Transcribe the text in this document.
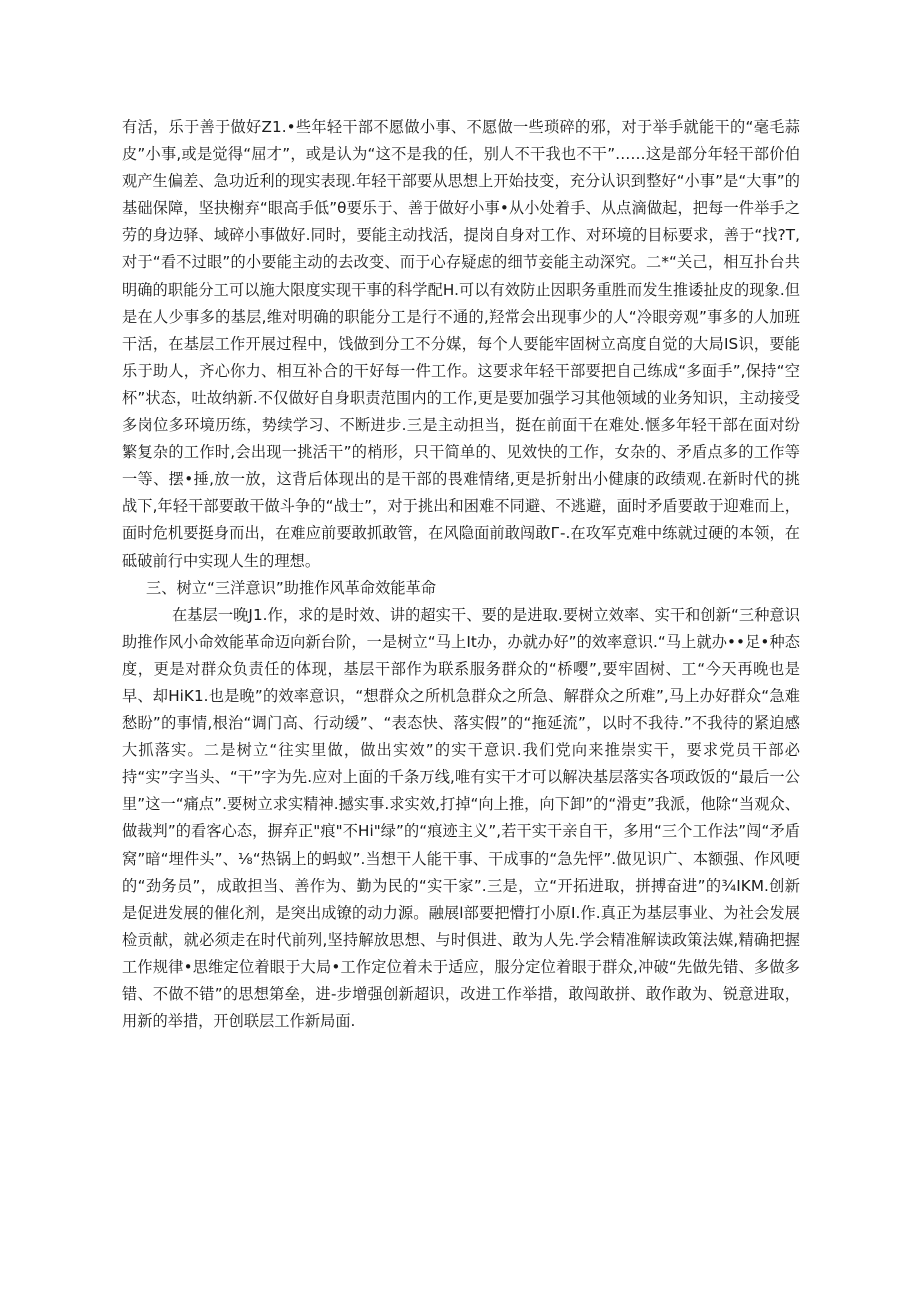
有活，乐于善于做好Z1.•些年轻干部不愿做小事、不愿做一些琐碎的邪，对于举手就能干的“毫毛蒜皮”小事,或是觉得“屈才”，或是认为“这不是我的任，别人不干我也不干”……这是部分年轻干部价伯观产生偏差、急功近利的现实表现.年轻干部要从思想上开始技变，充分认识到整好“小事”是“大事”的基础保障，坚抉榭弃“眼高手低”θ要乐于、善于做好小事•从小处着手、从点滴做起，把每一件举手之劳的身边驿、域碎小事做好.同时，要能主动找活，提岗自身对工作、对环境的目标要求，善于“找?T,对于“看不过眼”的小要能主动的去改变、而于心存疑虑的细节妾能主动深究。二*“关己，相互扑台共明确的职能分工可以施大限度实现干事的科学配H.可以有效防止因职务重胜而发生推诿扯皮的现象.但是在人少事多的基层,维对明确的职能分工是行不通的,羟常会出现事少的人“冷眼旁观”事多的人加班干活，在基层工作开展过程中，饯做到分工不分媒，每个人要能牢固树立高度自觉的大局IS识，要能乐于助人，齐心你力、相互补合的干好每一件工作。这要求年轻干部要把自己练成“多面手”,保持“空杯”状态，吐故纳新.不仅做好自身职责范围内的工作,更是要加强学习其他领域的业务知识，主动接受多岗位多环境历练，势续学习、不断进步.三是主动担当，挺在前面干在难处.惬多年轻干部在面对纷繁复杂的工作时,会出现一挑活干”的梢形，只干简单的、见效快的工作，女杂的、矛盾点多的工作等一等、摆•捶,放一放，这背后体现出的是干部的畏难情绪,更是折射出小健康的政绩观.在新时代的挑战下,年轻干部要敢干做斗争的“战士”，对于挑出和困难不同避、不逃避，面时矛盾要敢于迎难而上，面时危机要挺身而出，在难应前要敢抓敢管，在风隐面前敢闯敢Г-.在攻军克难中练就过硬的本领，在砥破前行中实现人生的理想。

三、树立“三洋意识”助推作风革命效能革命

在基层一晚J1.作，求的是时效、讲的超实干、要的是进取.要树立效率、实干和创新“三种意识助推作风小命效能革命迈向新台阶，一是树立“马上It办，办就办好”的效率意识.“马上就办••足•种态度，更是对群众负责任的体现，基层干部作为联系服务群众的“桥嘤”,要牢固树、工“今天再晚也是早、却HiK1.也是晚”的效率意识，“想群众之所机急群众之所急、解群众之所难”,马上办好群众“急难愁盼”的事情,根治“调门高、行动缓”、“表态快、落实假”的“拖延流”，以时不我待.”不我待的紧迫感大抓落实。二是树立“往实里做，做出实效”的实干意识.我们党向来推崇实干，要求党员干部必持“实”字当头、“干”字为先.应对上面的千条万线,唯有实干才可以解决基层落实各项政饭的“最后一公里”这一“痛点”.要树立求实精神.撼实事.求实效,打掉“向上推，向下卸”的“滑吏”我派，他除“当观众、做裁判”的看客心态，摒弃正"痕"不Hi"绿”的“痕迹主义”,若干实干亲自干，多用“三个工作法”闯“矛盾窝”暗“埋件头”、⅛“热锅上的蚂蚁”.当想干人能干事、干成事的“急先怦”.做见识广、本额强、作风哽的“劲务员”，成敢担当、善作为、勤为民的“实干家”.三是，立“开拓进取，拼搏奋进”的¾IKM.创新是促进发展的催化剂，是突出成镣的动力源。融展l部要把懵打小原I.作.真正为基层事业、为社会发展检贡献，就必须走在时代前列,坚持解放思想、与时俱进、敢为人先.学会精准解读政策法媒,精确把握工作规律•思维定位着眼于大局•工作定位着未于适应，服分定位着眼于群众,冲破“先做先错、多做多错、不做不错”的思想第垒，进-步增强创新超识，改进工作举措，敢闯敢拼、敢作敢为、锐意进取，用新的举措，开创联层工作新局面.
